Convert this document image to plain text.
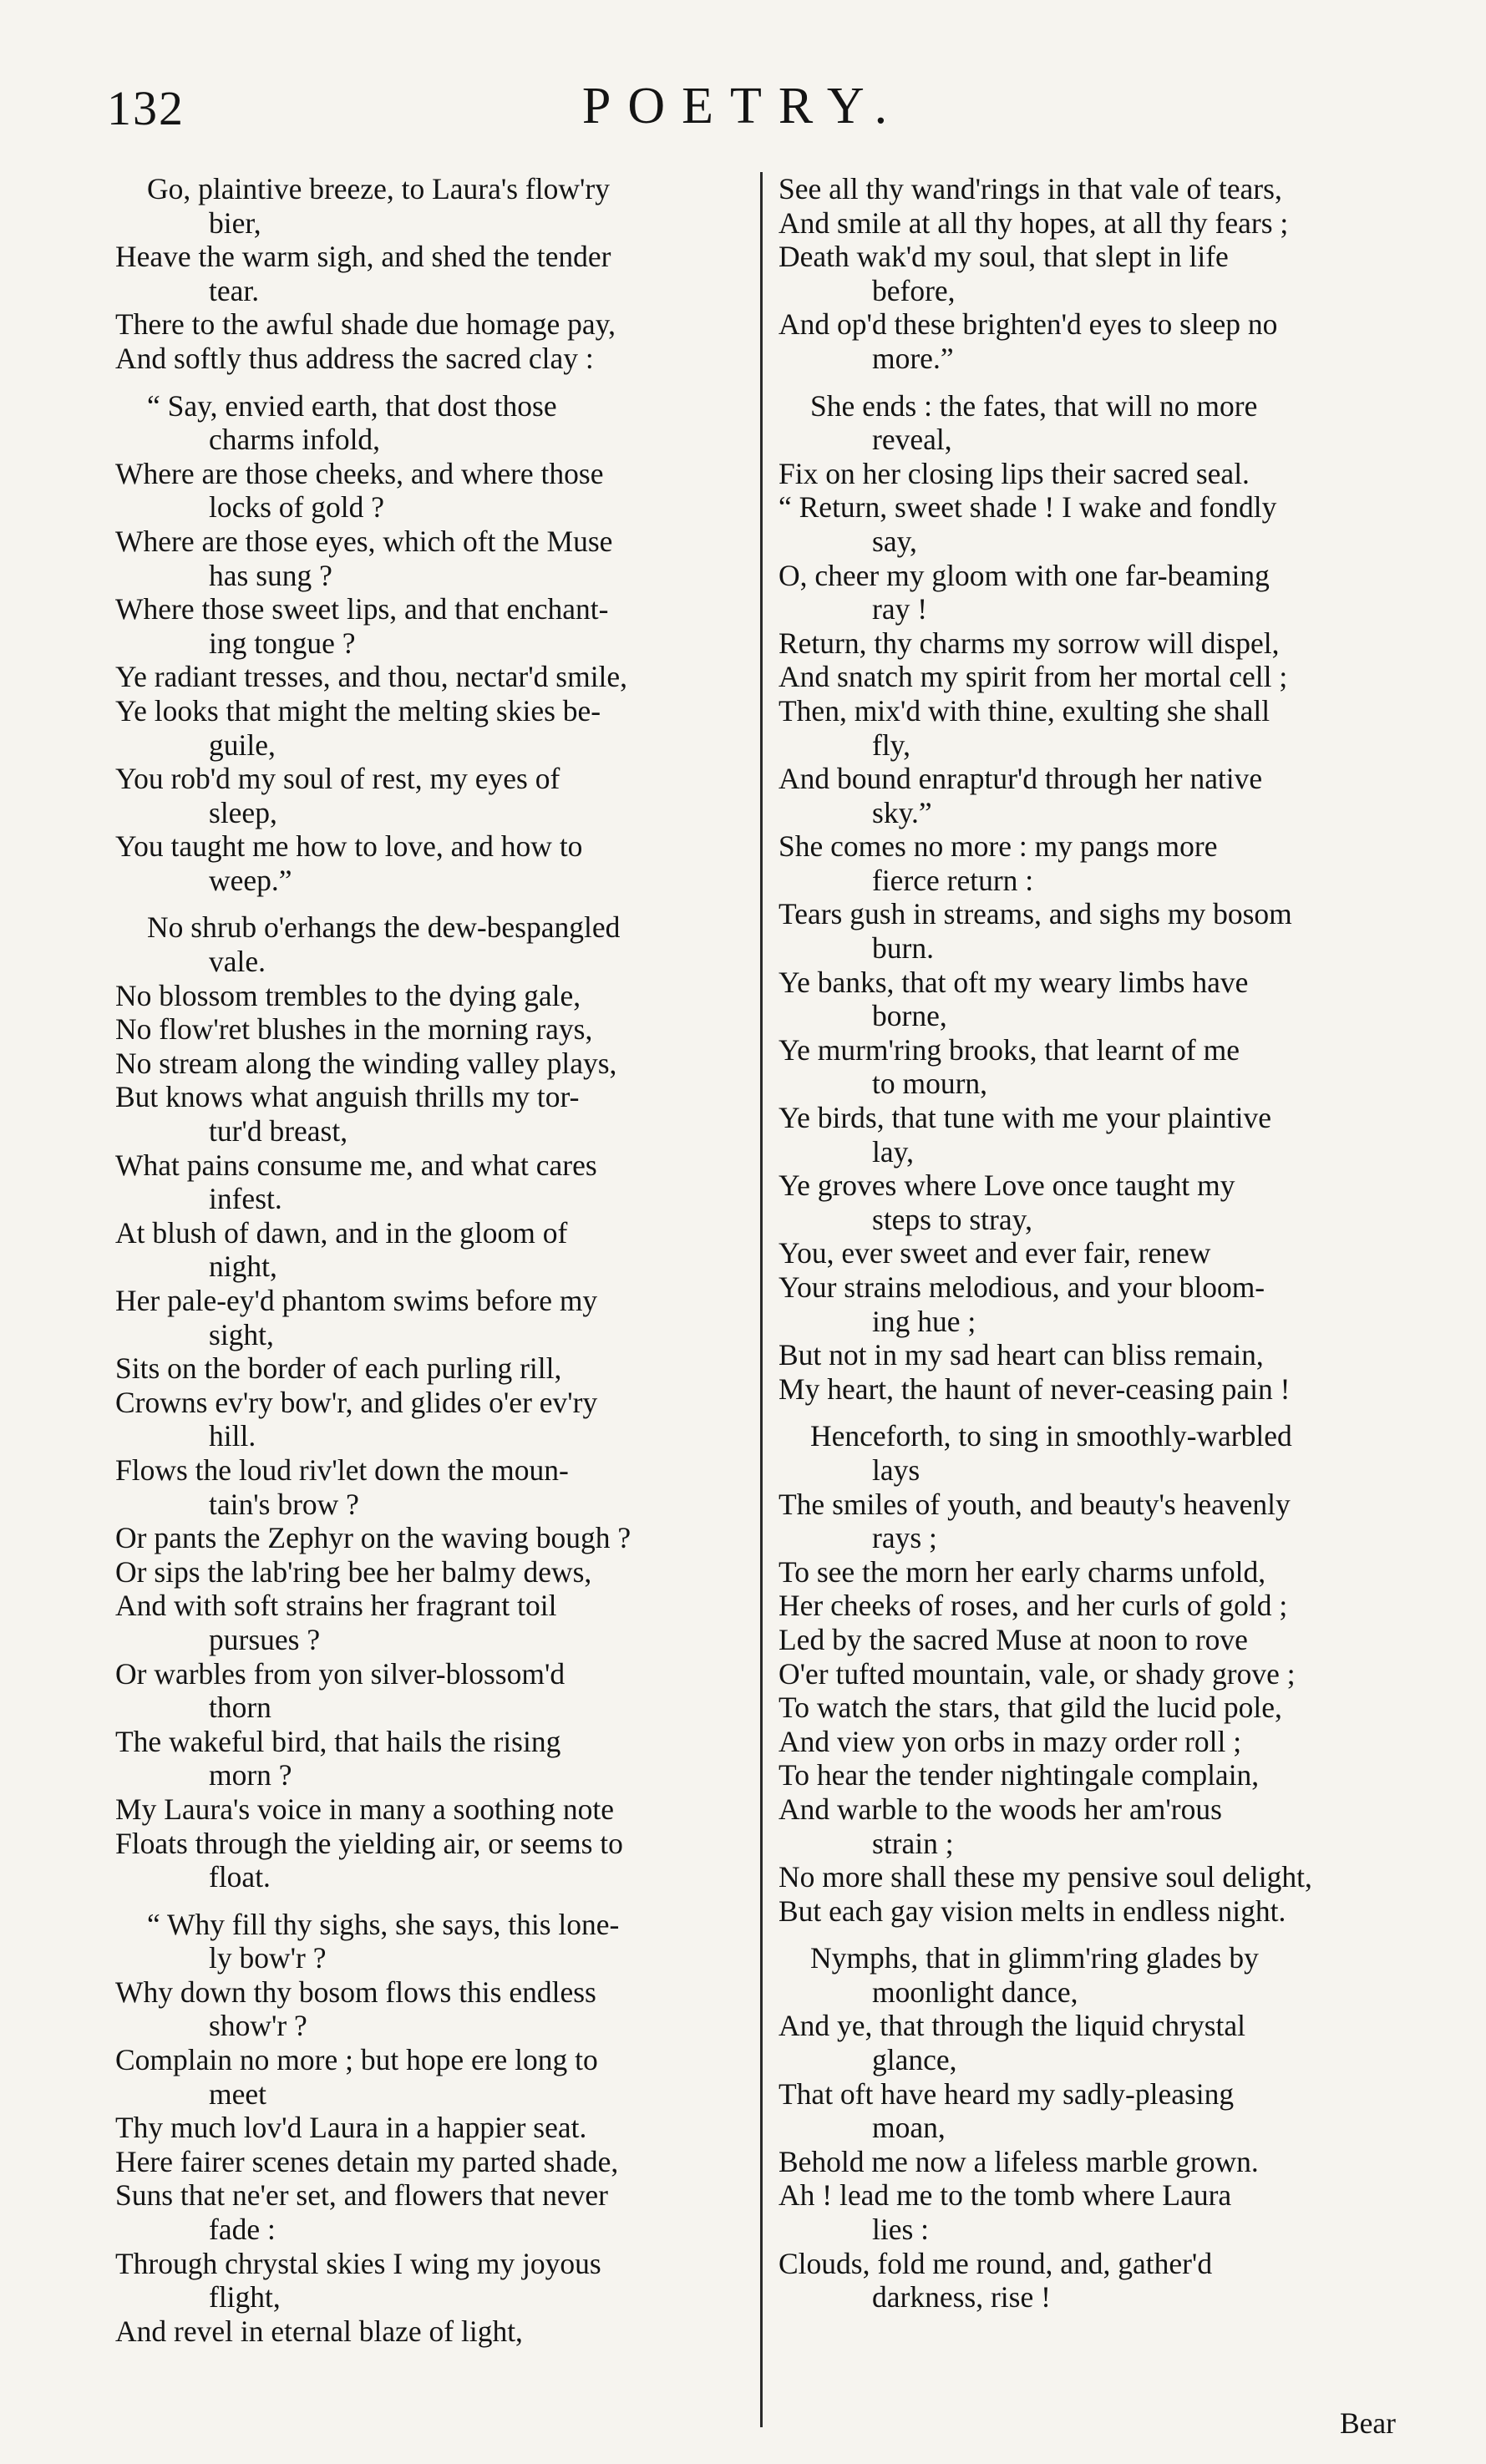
132	POETRY.
Go, plaintive breeze, to Laura's flow'ry
bier,
Heave the warm sigh, and shed the tender
tear.
There to the awful shade due homage pay,
And softly thus address the sacred clay :
“ Say, envied earth, that dost those
charms infold,
Where are those cheeks, and where those
locks of gold ?
Where are those eyes, which oft the Muse
has sung ?
Where those sweet lips, and that enchant-
ing tongue ?
Ye radiant tresses, and thou, nectar'd smile,
Ye looks that might the melting skies be-
guile,
You rob'd my soul of rest, my eyes of
sleep,
You taught me how to love, and how to
weep.”
No shrub o'erhangs the dew-bespangled
vale.
No blossom trembles to the dying gale,
No flow'ret blushes in the morning rays,
No stream along the winding valley plays,
But knows what anguish thrills my tor-
tur'd breast,
What pains consume me, and what cares
infest.
At blush of dawn, and in the gloom of
night,
Her pale-ey'd phantom swims before my
sight,
Sits on the border of each purling rill,
Crowns ev'ry bow'r, and glides o'er ev'ry
hill.
Flows the loud riv'let down the moun-
tain's brow ?
Or pants the Zephyr on the waving bough ?
Or sips the lab'ring bee her balmy dews,
And with soft strains her fragrant toil
pursues ?
Or warbles from yon silver-blossom'd
thorn
The wakeful bird, that hails the rising
morn ?
My Laura's voice in many a soothing note
Floats through the yielding air, or seems to
float.
“ Why fill thy sighs, she says, this lone-
ly bow'r ?
Why down thy bosom flows this endless
show'r ?
Complain no more ; but hope ere long to
meet
Thy much lov'd Laura in a happier seat.
Here fairer scenes detain my parted shade,
Suns that ne'er set, and flowers that never
fade :
Through chrystal skies I wing my joyous
flight,
And revel in eternal blaze of light,
See all thy wand'rings in that vale of tears,
And smile at all thy hopes, at all thy fears ;
Death wak'd my soul, that slept in life
before,
And op'd these brighten'd eyes to sleep no
more.”
She ends : the fates, that will no more
reveal,
Fix on her closing lips their sacred seal.
“ Return, sweet shade ! I wake and fondly
say,
O, cheer my gloom with one far-beaming
ray !
Return, thy charms my sorrow will dispel,
And snatch my spirit from her mortal cell ;
Then, mix'd with thine, exulting she shall
fly,
And bound enraptur'd through her native
sky.”
She comes no more : my pangs more
fierce return :
Tears gush in streams, and sighs my bosom
burn.
Ye banks, that oft my weary limbs have
borne,
Ye murm'ring brooks, that learnt of me
to mourn,
Ye birds, that tune with me your plaintive
lay,
Ye groves where Love once taught my
steps to stray,
You, ever sweet and ever fair, renew
Your strains melodious, and your bloom-
ing hue ;
But not in my sad heart can bliss remain,
My heart, the haunt of never-ceasing pain !
Henceforth, to sing in smoothly-warbled
lays
The smiles of youth, and beauty's heavenly
rays ;
To see the morn her early charms unfold,
Her cheeks of roses, and her curls of gold ;
Led by the sacred Muse at noon to rove
O'er tufted mountain, vale, or shady grove ;
To watch the stars, that gild the lucid pole,
And view yon orbs in mazy order roll ;
To hear the tender nightingale complain,
And warble to the woods her am'rous
strain ;
No more shall these my pensive soul delight,
But each gay vision melts in endless night.
Nymphs, that in glimm'ring glades by
moonlight dance,
And ye, that through the liquid chrystal
glance,
That oft have heard my sadly-pleasing
moan,
Behold me now a lifeless marble grown.
Ah ! lead me to the tomb where Laura
lies :
Clouds, fold me round, and, gather'd
darkness, rise !
Bear
